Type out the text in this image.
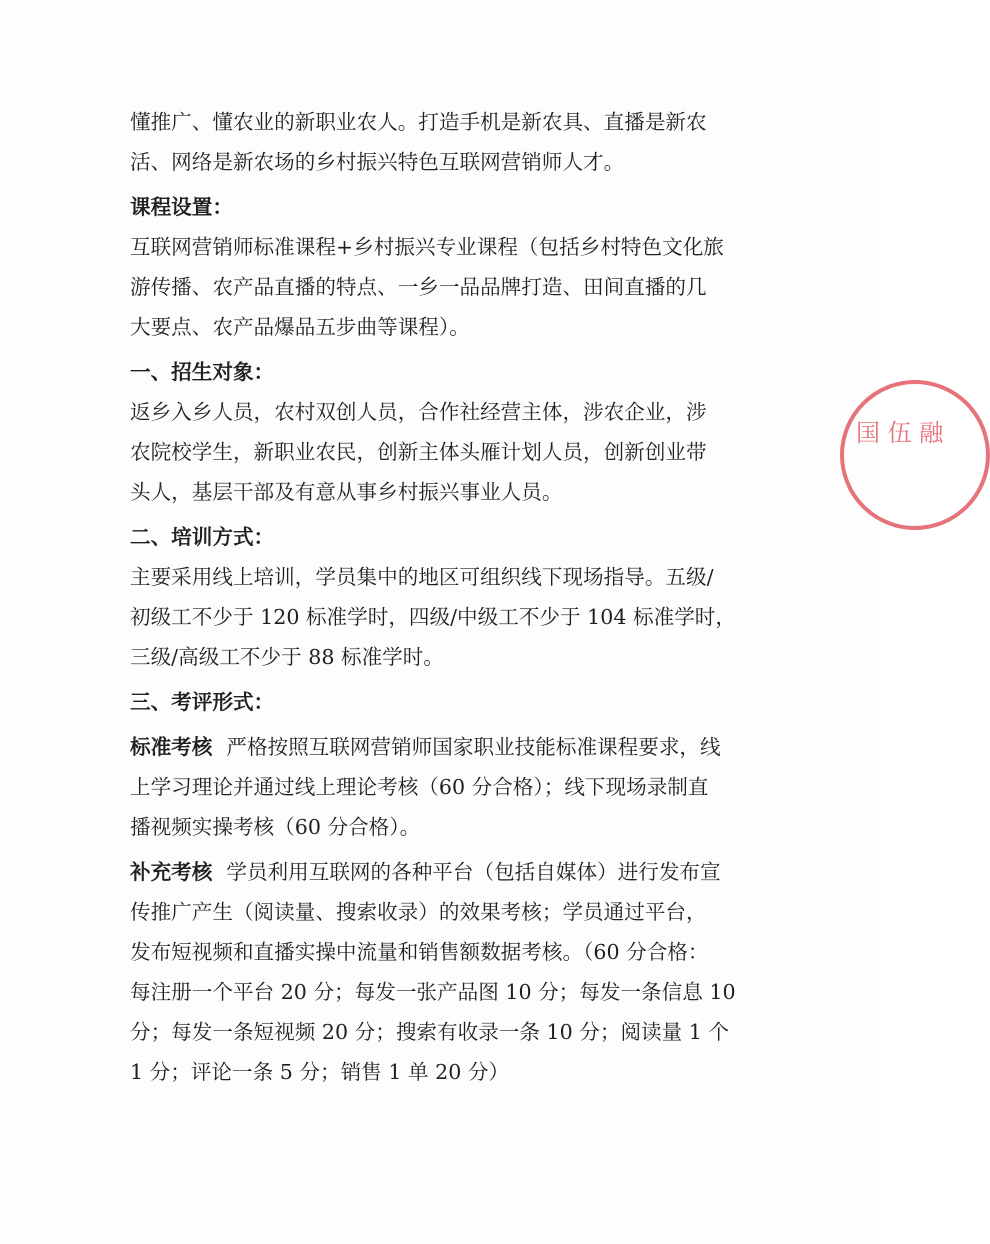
国 伍 融

懂推广、懂农业的新职业农人。打造手机是新农具、直播是新农

活、网络是新农场的乡村振兴特色互联网营销师人才。

课程设置：

互联网营销师标准课程+乡村振兴专业课程（包括乡村特色文化旅

游传播、农产品直播的特点、一乡一品品牌打造、田间直播的几

大要点、农产品爆品五步曲等课程）。

一、招生对象：

返乡入乡人员，农村双创人员，合作社经营主体，涉农企业，涉

农院校学生，新职业农民，创新主体头雁计划人员，创新创业带

头人，基层干部及有意从事乡村振兴事业人员。

二、培训方式：

主要采用线上培训，学员集中的地区可组织线下现场指导。五级/

初级工不少于 120 标准学时，四级/中级工不少于 104 标准学时，

三级/高级工不少于 88 标准学时。

三、考评形式：

标准考核 严格按照互联网营销师国家职业技能标准课程要求，线

上学习理论并通过线上理论考核（60 分合格）；线下现场录制直

播视频实操考核（60 分合格）。

补充考核 学员利用互联网的各种平台（包括自媒体）进行发布宣

传推广产生（阅读量、搜索收录）的效果考核；学员通过平台，

发布短视频和直播实操中流量和销售额数据考核。（60 分合格：

每注册一个平台 20 分；每发一张产品图 10 分；每发一条信息 10

分；每发一条短视频 20 分；搜索有收录一条 10 分；阅读量 1 个

1 分；评论一条 5 分；销售 1 单 20 分）
